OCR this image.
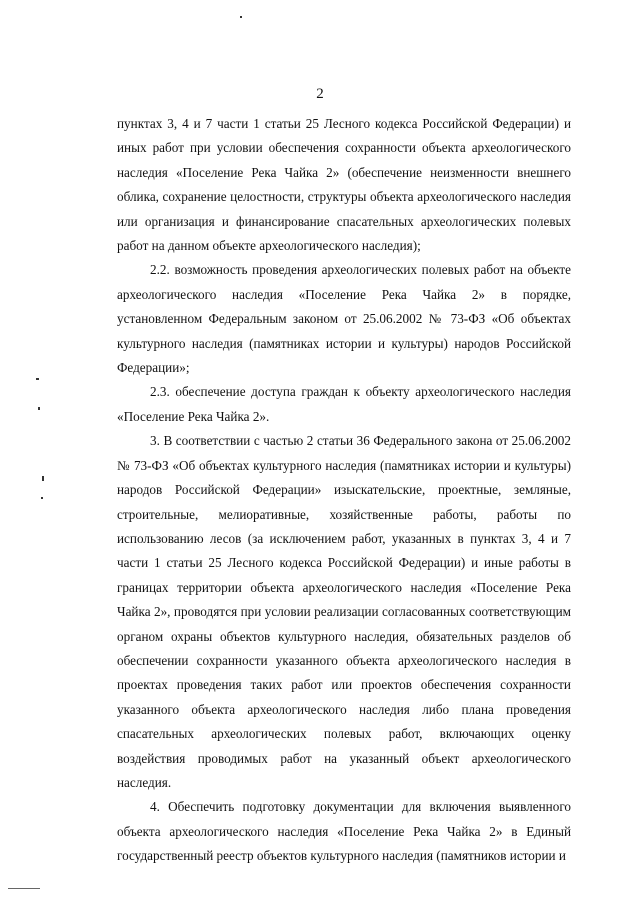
2

пунктах 3, 4 и 7 части 1 статьи 25 Лесного кодекса Российской Федерации) и иных работ при условии обеспечения сохранности объекта археологического наследия «Поселение Река Чайка 2» (обеспечение неизменности внешнего облика, сохранение целостности, структуры объекта археологического наследия или организация и финансирование спасательных археологических полевых работ на данном объекте археологического наследия);

2.2. возможность проведения археологических полевых работ на объекте археологического наследия «Поселение Река Чайка 2» в порядке, установленном Федеральным законом от 25.06.2002 № 73-ФЗ «Об объектах культурного наследия (памятниках истории и культуры) народов Российской Федерации»;

2.3. обеспечение доступа граждан к объекту археологического наследия «Поселение Река Чайка 2».

3. В соответствии с частью 2 статьи 36 Федерального закона от 25.06.2002 № 73-ФЗ «Об объектах культурного наследия (памятниках истории и культуры) народов Российской Федерации» изыскательские, проектные, земляные, строительные, мелиоративные, хозяйственные работы, работы по использованию лесов (за исключением работ, указанных в пунктах 3, 4 и 7 части 1 статьи 25 Лесного кодекса Российской Федерации) и иные работы в границах территории объекта археологического наследия «Поселение Река Чайка 2», проводятся при условии реализации согласованных соответствующим органом охраны объектов культурного наследия, обязательных разделов об обеспечении сохранности указанного объекта археологического наследия в проектах проведения таких работ или проектов обеспечения сохранности указанного объекта археологического наследия либо плана проведения спасательных археологических полевых работ, включающих оценку воздействия проводимых работ на указанный объект археологического наследия.

4. Обеспечить подготовку документации для включения выявленного объекта археологического наследия «Поселение Река Чайка 2» в Единый государственный реестр объектов культурного наследия (памятников истории и
